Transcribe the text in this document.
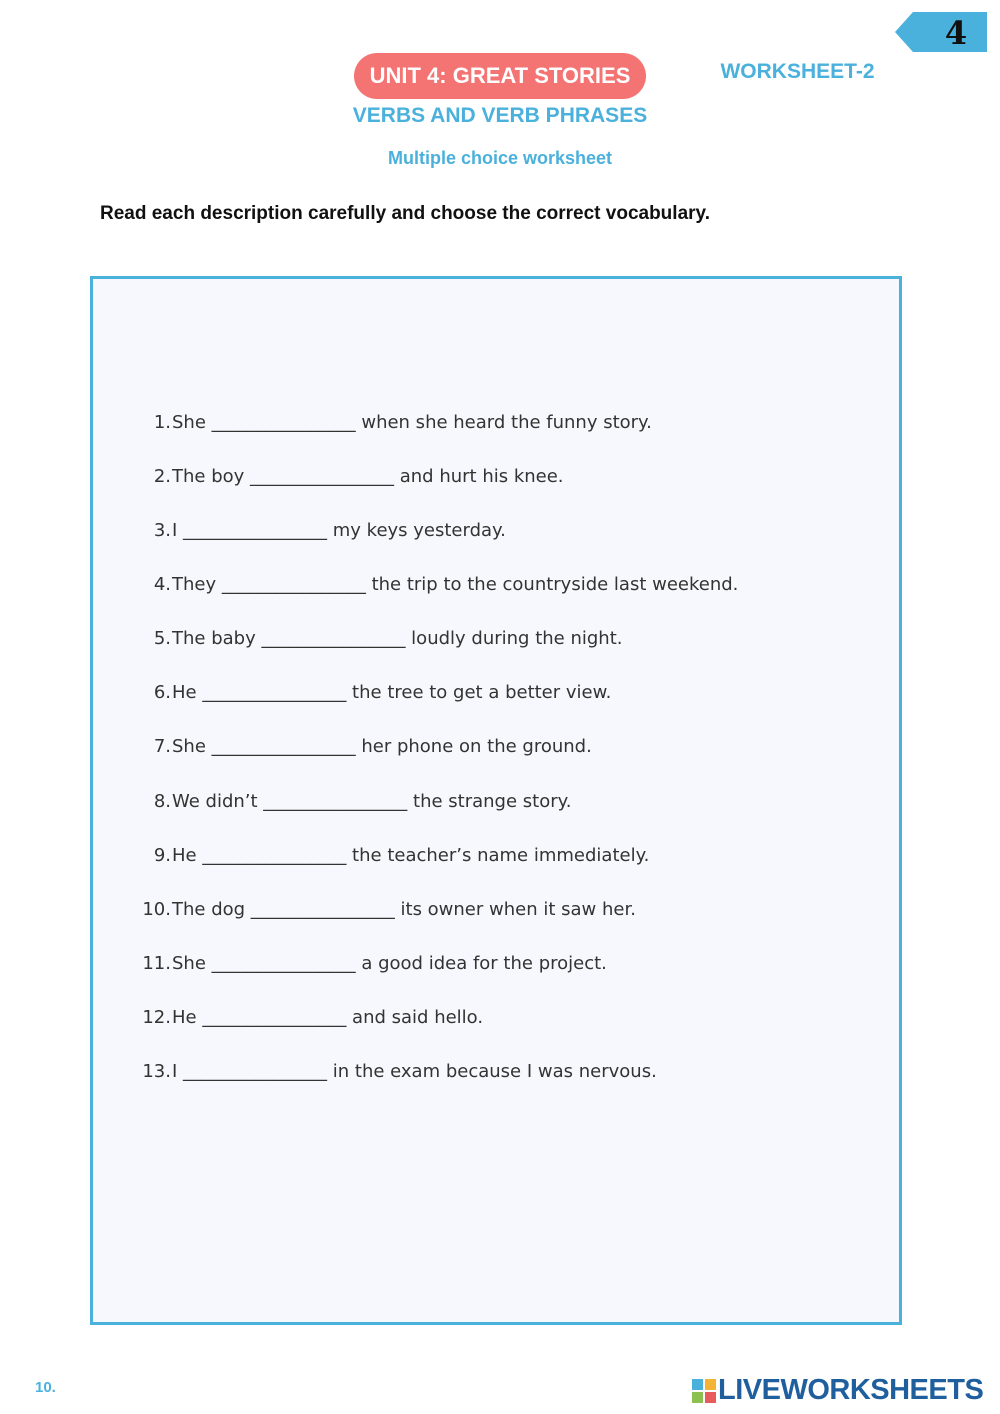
4
UNIT 4: GREAT STORIES	WORKSHEET-2
VERBS AND VERB PHRASES
Multiple choice worksheet
Read each description carefully and choose the correct vocabulary.
1. She ________________ when she heard the funny story.
2. The boy ________________ and hurt his knee.
3. I ________________ my keys yesterday.
4. They ________________ the trip to the countryside last weekend.
5. The baby ________________ loudly during the night.
6. He ________________ the tree to get a better view.
7. She ________________ her phone on the ground.
8. We didn’t ________________ the strange story.
9. He ________________ the teacher’s name immediately.
10. The dog ________________ its owner when it saw her.
11. She ________________ a good idea for the project.
12. He ________________ and said hello.
13. I ________________ in the exam because I was nervous.
10.	LIVEWORKSHEETS
